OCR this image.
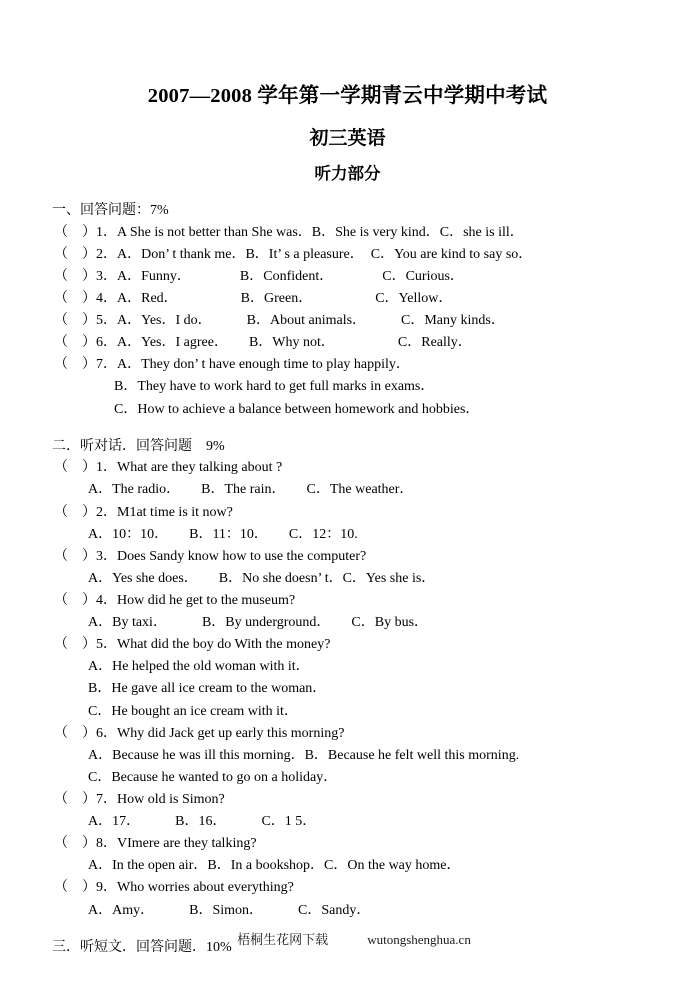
2007—2008 学年第一学期青云中学期中考试
初三英语
听力部分

一、回答问题：7%

（　）1．A She is not better than She was．B．She is very kind．C．she is ill．

（　）2．A．Don’ t thank me．B．It’ s a pleasure．　C．You are kind to say so．

（　）3．A．Funny．　　　　B．Confident．　　　　C．Curious．

（　）4．A．Red．　　　　　B．Green．　　　　　C．Yellow．

（　）5．A．Yes．I do．　　　B．About animals．　　　C．Many kinds．

（　）6．A．Yes．I agree．　　B．Why not．　　　　　C．Really．

（　）7．A．They don’ t have enough time to play happily．

B．They have to work hard to get full marks in exams．

C．How to achieve a balance between homework and hobbies．

二．听对话．回答问题　9%

（　）1．What are they talking about ?

A．The radio．　　B．The rain．　　C．The weather．

（　）2．M1at time is it now?

A．10：10．　　B．11：10．　　C．12：10.

（　）3．Does Sandy know how to use the computer?

A．Yes she does．　　B．No she doesn’ t．C．Yes she is．

（　）4．How did he get to the museum?

A．By taxi．　　　B．By underground．　　C．By bus．

（　）5．What did the boy do With the money?

A．He helped the old woman with it．

B．He gave all ice cream to the woman．

C．He bought an ice cream with it．

（　）6．Why did Jack get up early this morning?

A．Because he was ill this morning．B．Because he felt well this morning.

C．Because he wanted to go on a holiday．

（　）7．How old is Simon?

A．17．　　　B．16．　　　C．1 5．

（　）8．VImere are they talking?

A．In the open air．B．In a bookshop．C．On the way home．

（　）9．Who worries about everything?

A．Amy．　　　B．Simon．　　　C．Sandy．

三．听短文．回答问题．10%

梧桐生花网下载　　　	wutongshenghua.cn
